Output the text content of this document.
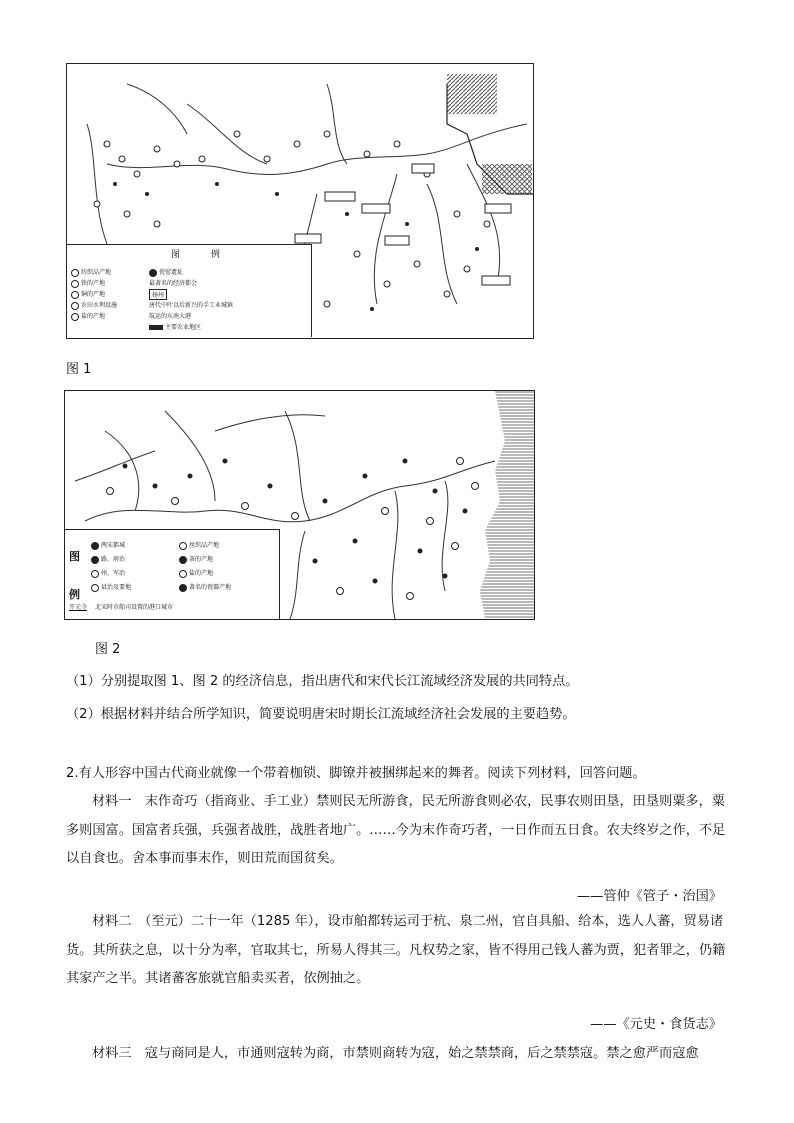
图 例
纺织品产地
铁的产地
铜的产地
农田水利设施
盐的产地
瓷窑遗址
最著名的经济都会
扬州
唐代中叶以后新兴的手工业城镇
航运的东南大港
主要农业地区
图 1
图例
两宋都城
路、府治
州、军治
县治及要地
丝织品产地
茶的产地
盐的产地
著名的瓷器产地
开元寺 北宋时市舶司设置的港口城市
图 2
（1）分别提取图 1、图 2 的经济信息，指出唐代和宋代长江流域经济发展的共同特点。
（2）根据材料并结合所学知识，简要说明唐宋时期长江流域经济社会发展的主要趋势。
2.有人形容中国古代商业就像一个带着枷锁、脚镣并被捆绑起来的舞者。阅读下列材料，回答问题。
材料一　末作奇巧（指商业、手工业）禁则民无所游食，民无所游食则必农，民事农则田垦，田垦则粟多，粟多则国富。国富者兵强，兵强者战胜，战胜者地广。……今为末作奇巧者，一日作而五日食。农夫终岁之作，不足以自食也。舍本事而事末作，则田荒而国贫矣。
——管仲《管子・治国》
材料二　（至元）二十一年（1285 年），设市舶都转运司于杭、泉二州，官自具船、给本，选人人蕃，贸易诸货。其所获之息，以十分为率，官取其七，所易人得其三。凡权势之家，皆不得用己钱人蕃为贾，犯者罪之，仍籍其家产之半。其诸蕃客旅就官船卖买者，依例抽之。
——《元史・食货志》
材料三　寇与商同是人，市通则寇转为商，市禁则商转为寇，始之禁禁商，后之禁禁寇。禁之愈严而寇愈
